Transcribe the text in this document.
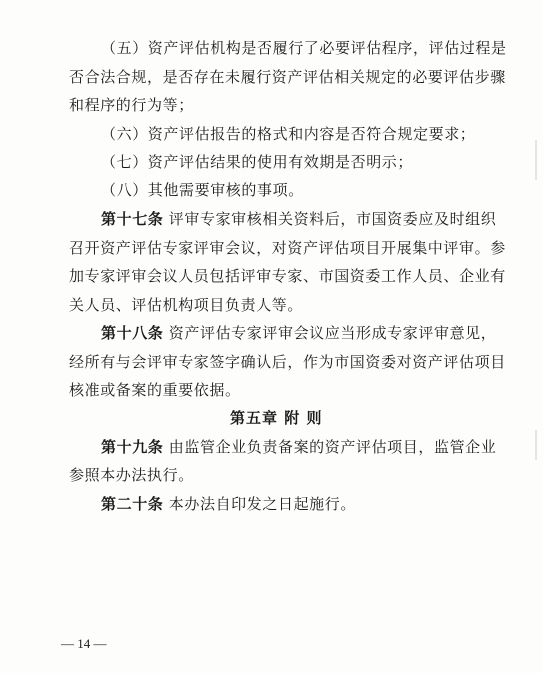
（五）资产评估机构是否履行了必要评估程序，评估过程是
否合法合规，是否存在未履行资产评估相关规定的必要评估步骤
和程序的行为等；
（六）资产评估报告的格式和内容是否符合规定要求；
（七）资产评估结果的使用有效期是否明示；
（八）其他需要审核的事项。
第十七条 评审专家审核相关资料后，市国资委应及时组织
召开资产评估专家评审会议，对资产评估项目开展集中评审。参
加专家评审会议人员包括评审专家、市国资委工作人员、企业有
关人员、评估机构项目负责人等。
第十八条 资产评估专家评审会议应当形成专家评审意见，
经所有与会评审专家签字确认后，作为市国资委对资产评估项目
核准或备案的重要依据。
第五章 附 则
第十九条 由监管企业负责备案的资产评估项目，监管企业
参照本办法执行。
第二十条 本办法自印发之日起施行。
— 14 —
